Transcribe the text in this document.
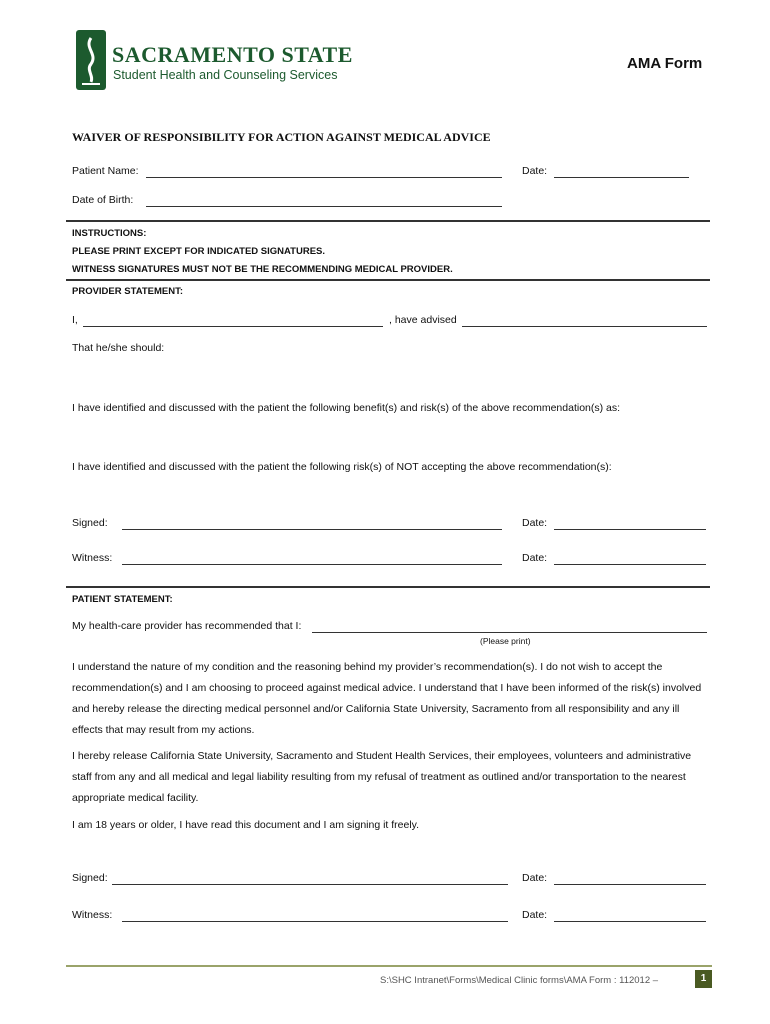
SACRAMENTO STATE
Student Health and Counseling Services
AMA Form
WAIVER OF RESPONSIBILITY FOR ACTION AGAINST MEDICAL ADVICE
Patient Name:	Date:
Date of Birth:
INSTRUCTIONS:
PLEASE PRINT EXCEPT FOR INDICATED SIGNATURES.
WITNESS SIGNATURES MUST NOT BE THE RECOMMENDING MEDICAL PROVIDER.
PROVIDER STATEMENT:
I,	, have advised
That he/she should:
I have identified and discussed with the patient the following benefit(s) and risk(s) of the above recommendation(s) as:
I have identified and discussed with the patient the following risk(s) of NOT accepting the above recommendation(s):
Signed:	Date:
Witness:	Date:
PATIENT STATEMENT:
My health-care provider has recommended that I:
(Please print)
I understand the nature of my condition and the reasoning behind my provider’s recommendation(s). I do not wish to accept the recommendation(s) and I am choosing to proceed against medical advice. I understand that I have been informed of the risk(s) involved and hereby release the directing medical personnel and/or California State University, Sacramento from all responsibility and any ill effects that may result from my actions.
I hereby release California State University, Sacramento and Student Health Services, their employees, volunteers and administrative staff from any and all medical and legal liability resulting from my refusal of treatment as outlined and/or transportation to the nearest appropriate medical facility.
I am 18 years or older, I have read this document and I am signing it freely.
Signed:	Date:
Witness:	Date:
S:\SHC Intranet\Forms\Medical Clinic forms\AMA Form : 112012 –	1
